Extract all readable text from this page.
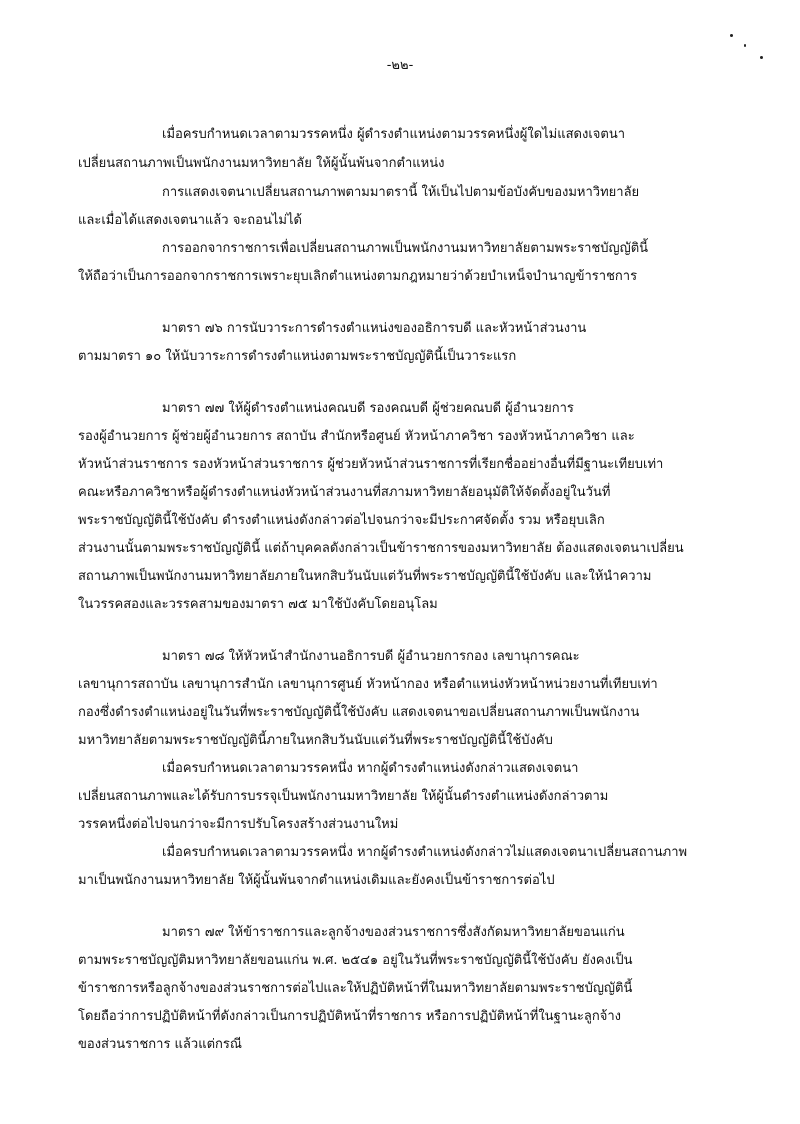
-๒๒-
เมื่อครบกำหนดเวลาตามวรรคหนึ่ง ผู้ดำรงตำแหน่งตามวรรคหนึ่งผู้ใดไม่แสดงเจตนา
เปลี่ยนสถานภาพเป็นพนักงานมหาวิทยาลัย ให้ผู้นั้นพ้นจากตำแหน่ง
การแสดงเจตนาเปลี่ยนสถานภาพตามมาตรานี้ ให้เป็นไปตามข้อบังคับของมหาวิทยาลัย
และเมื่อได้แสดงเจตนาแล้ว จะถอนไม่ได้
การออกจากราชการเพื่อเปลี่ยนสถานภาพเป็นพนักงานมหาวิทยาลัยตามพระราชบัญญัตินี้
ให้ถือว่าเป็นการออกจากราชการเพราะยุบเลิกตำแหน่งตามกฎหมายว่าด้วยบำเหน็จบำนาญข้าราชการ
มาตรา ๗๖ การนับวาระการดำรงตำแหน่งของอธิการบดี และหัวหน้าส่วนงาน
ตามมาตรา ๑๐ ให้นับวาระการดำรงตำแหน่งตามพระราชบัญญัตินี้เป็นวาระแรก
มาตรา ๗๗ ให้ผู้ดำรงตำแหน่งคณบดี รองคณบดี ผู้ช่วยคณบดี ผู้อำนวยการ
รองผู้อำนวยการ ผู้ช่วยผู้อำนวยการ สถาบัน สำนักหรือศูนย์ หัวหน้าภาควิชา รองหัวหน้าภาควิชา และ
หัวหน้าส่วนราชการ รองหัวหน้าส่วนราชการ ผู้ช่วยหัวหน้าส่วนราชการที่เรียกชื่ออย่างอื่นที่มีฐานะเทียบเท่า
คณะหรือภาควิชาหรือผู้ดำรงตำแหน่งหัวหน้าส่วนงานที่สภามหาวิทยาลัยอนุมัติให้จัดตั้งอยู่ในวันที่
พระราชบัญญัตินี้ใช้บังคับ ดำรงตำแหน่งดังกล่าวต่อไปจนกว่าจะมีประกาศจัดตั้ง รวม หรือยุบเลิก
ส่วนงานนั้นตามพระราชบัญญัตินี้ แต่ถ้าบุคคลดังกล่าวเป็นข้าราชการของมหาวิทยาลัย ต้องแสดงเจตนาเปลี่ยน
สถานภาพเป็นพนักงานมหาวิทยาลัยภายในหกสิบวันนับแต่วันที่พระราชบัญญัตินี้ใช้บังคับ และให้นำความ
ในวรรคสองและวรรคสามของมาตรา ๗๕ มาใช้บังคับโดยอนุโลม
มาตรา ๗๘ ให้หัวหน้าสำนักงานอธิการบดี ผู้อำนวยการกอง เลขานุการคณะ
เลขานุการสถาบัน เลขานุการสำนัก เลขานุการศูนย์ หัวหน้ากอง หรือตำแหน่งหัวหน้าหน่วยงานที่เทียบเท่า
กองซึ่งดำรงตำแหน่งอยู่ในวันที่พระราชบัญญัตินี้ใช้บังคับ แสดงเจตนาขอเปลี่ยนสถานภาพเป็นพนักงาน
มหาวิทยาลัยตามพระราชบัญญัตินี้ภายในหกสิบวันนับแต่วันที่พระราชบัญญัตินี้ใช้บังคับ
เมื่อครบกำหนดเวลาตามวรรคหนึ่ง หากผู้ดำรงตำแหน่งดังกล่าวแสดงเจตนา
เปลี่ยนสถานภาพและได้รับการบรรจุเป็นพนักงานมหาวิทยาลัย ให้ผู้นั้นดำรงตำแหน่งดังกล่าวตาม
วรรคหนึ่งต่อไปจนกว่าจะมีการปรับโครงสร้างส่วนงานใหม่
เมื่อครบกำหนดเวลาตามวรรคหนึ่ง หากผู้ดำรงตำแหน่งดังกล่าวไม่แสดงเจตนาเปลี่ยนสถานภาพ
มาเป็นพนักงานมหาวิทยาลัย ให้ผู้นั้นพ้นจากตำแหน่งเดิมและยังคงเป็นข้าราชการต่อไป
มาตรา ๗๙ ให้ข้าราชการและลูกจ้างของส่วนราชการซึ่งสังกัดมหาวิทยาลัยขอนแก่น
ตามพระราชบัญญัติมหาวิทยาลัยขอนแก่น พ.ศ. ๒๕๔๑ อยู่ในวันที่พระราชบัญญัตินี้ใช้บังคับ ยังคงเป็น
ข้าราชการหรือลูกจ้างของส่วนราชการต่อไปและให้ปฏิบัติหน้าที่ในมหาวิทยาลัยตามพระราชบัญญัตินี้
โดยถือว่าการปฏิบัติหน้าที่ดังกล่าวเป็นการปฏิบัติหน้าที่ราชการ หรือการปฏิบัติหน้าที่ในฐานะลูกจ้าง
ของส่วนราชการ แล้วแต่กรณี
